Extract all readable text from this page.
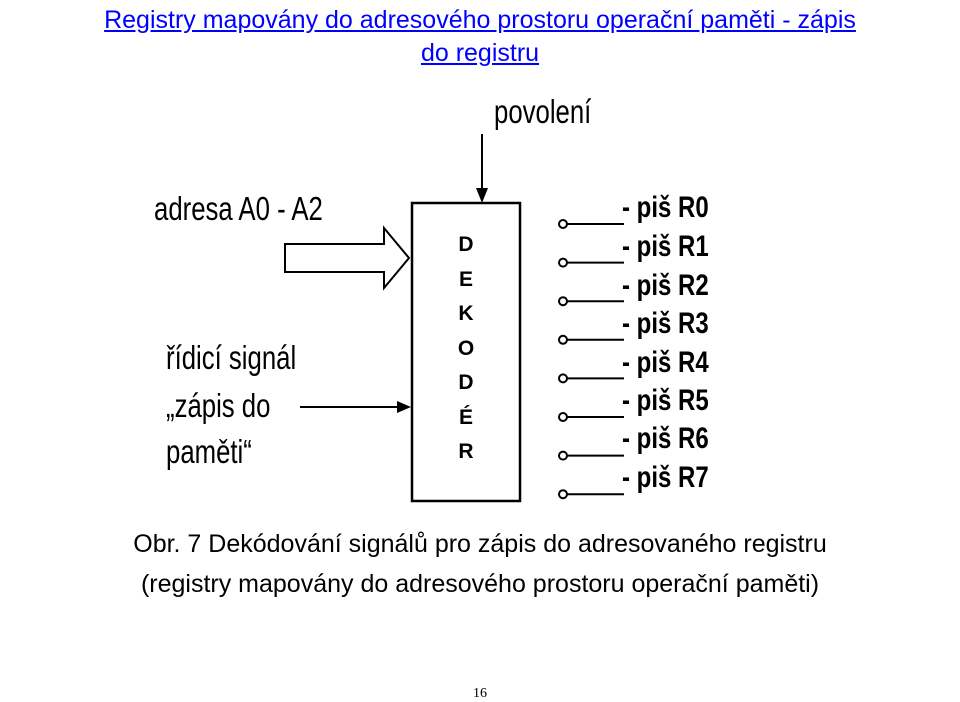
Registry mapovány do adresového prostoru operační paměti - zápis
do registru
povolení
adresa A0 - A2
řídicí signál
„zápis do
paměti“
D
E
K
O
D
É
R
- piš R0
- piš R1
- piš R2
- piš R3
- piš R4
- piš R5
- piš R6
- piš R7
Obr. 7 Dekódování signálů pro zápis do adresovaného registru
(registry mapovány do adresového prostoru operační paměti)
16
